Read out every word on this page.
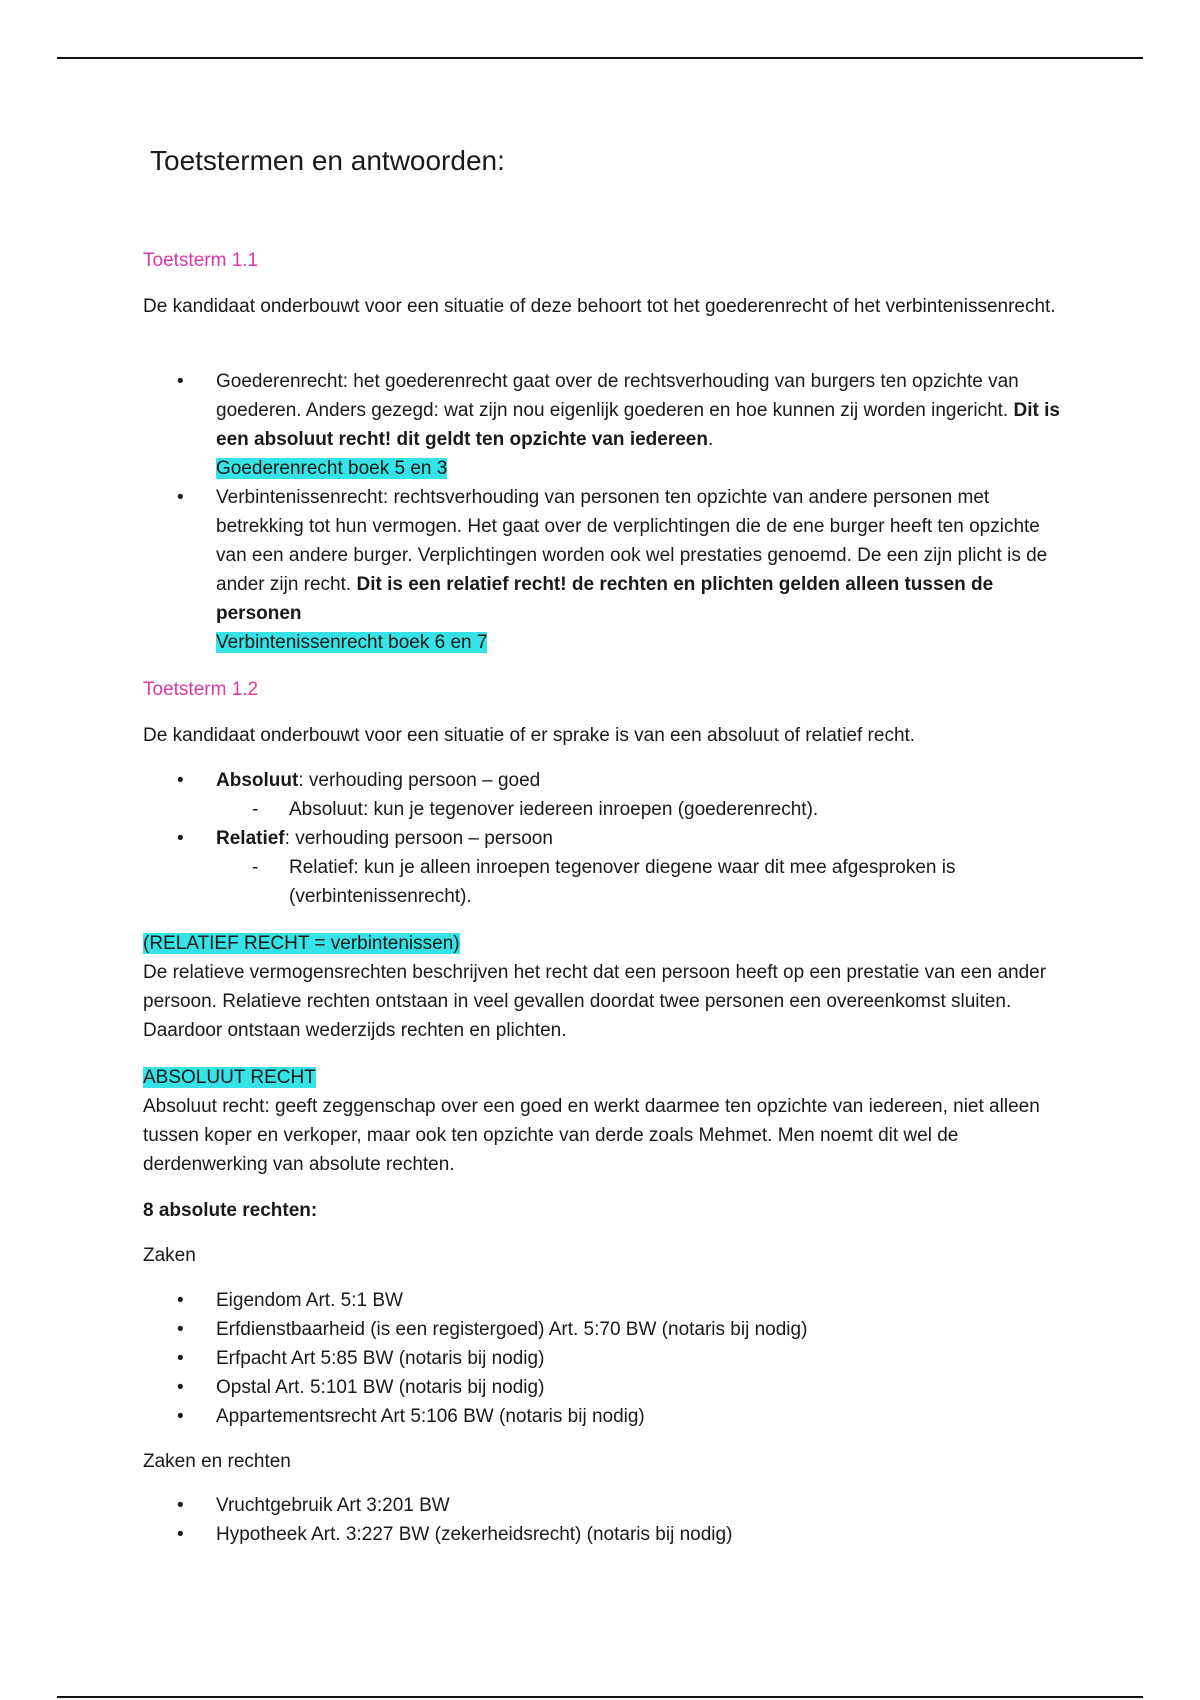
Toetstermen en antwoorden:
Toetsterm 1.1
De kandidaat onderbouwt voor een situatie of deze behoort tot het goederenrecht of het verbintenissenrecht.
• Goederenrecht: het goederenrecht gaat over de rechtsverhouding van burgers ten opzichte van goederen. Anders gezegd: wat zijn nou eigenlijk goederen en hoe kunnen zij worden ingericht. Dit is een absoluut recht! dit geldt ten opzichte van iedereen.
Goederenrecht boek 5 en 3
• Verbintenissenrecht: rechtsverhouding van personen ten opzichte van andere personen met betrekking tot hun vermogen. Het gaat over de verplichtingen die de ene burger heeft ten opzichte van een andere burger. Verplichtingen worden ook wel prestaties genoemd. De een zijn plicht is de ander zijn recht. Dit is een relatief recht! de rechten en plichten gelden alleen tussen de personen
Verbintenissenrecht boek 6 en 7
Toetsterm 1.2
De kandidaat onderbouwt voor een situatie of er sprake is van een absoluut of relatief recht.
• Absoluut: verhouding persoon – goed
- Absoluut: kun je tegenover iedereen inroepen (goederenrecht).
• Relatief: verhouding persoon – persoon
- Relatief: kun je alleen inroepen tegenover diegene waar dit mee afgesproken is (verbintenissenrecht).
(RELATIEF RECHT = verbintenissen)
De relatieve vermogensrechten beschrijven het recht dat een persoon heeft op een prestatie van een ander persoon. Relatieve rechten ontstaan in veel gevallen doordat twee personen een overeenkomst sluiten. Daardoor ontstaan wederzijds rechten en plichten.
ABSOLUUT RECHT
Absoluut recht: geeft zeggenschap over een goed en werkt daarmee ten opzichte van iedereen, niet alleen tussen koper en verkoper, maar ook ten opzichte van derde zoals Mehmet. Men noemt dit wel de derdenwerking van absolute rechten.
8 absolute rechten:
Zaken
• Eigendom Art. 5:1 BW
• Erfdienstbaarheid (is een registergoed) Art. 5:70 BW (notaris bij nodig)
• Erfpacht Art 5:85 BW (notaris bij nodig)
• Opstal Art. 5:101 BW (notaris bij nodig)
• Appartementsrecht Art 5:106 BW (notaris bij nodig)
Zaken en rechten
• Vruchtgebruik Art 3:201 BW
• Hypotheek Art. 3:227 BW (zekerheidsrecht) (notaris bij nodig)
